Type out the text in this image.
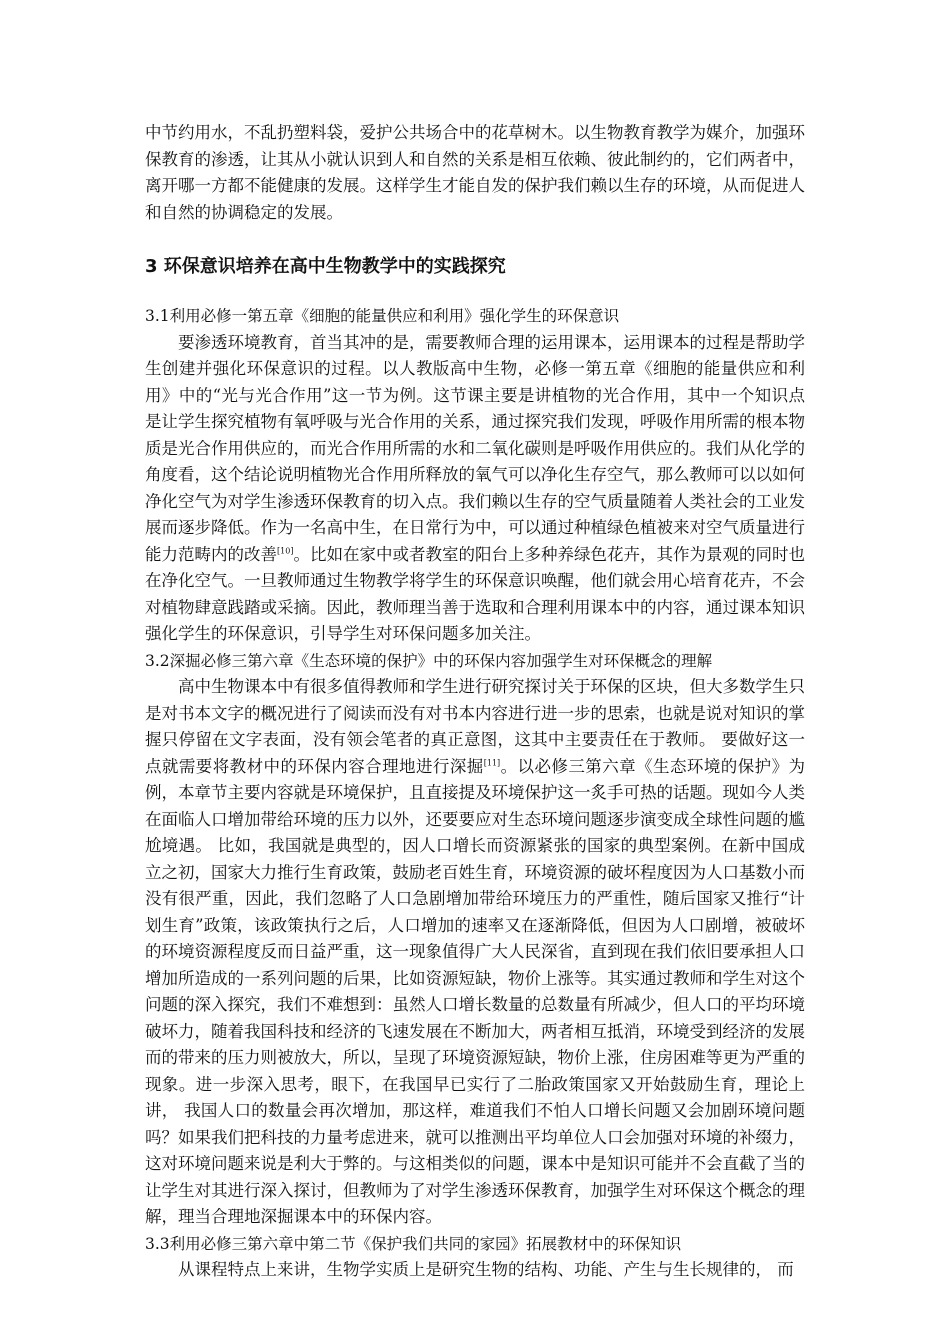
中节约用水，不乱扔塑料袋，爱护公共场合中的花草树木。以生物教育教学为媒介，加强环保教育的渗透，让其从小就认识到人和自然的关系是相互依赖、彼此制约的，它们两者中，离开哪一方都不能健康的发展。这样学生才能自发的保护我们赖以生存的环境，从而促进人和自然的协调稳定的发展。

3 环保意识培养在高中生物教学中的实践探究
3.1利用必修一第五章《细胞的能量供应和利用》强化学生的环保意识

要渗透环境教育，首当其冲的是，需要教师合理的运用课本，运用课本的过程是帮助学生创建并强化环保意识的过程。以人教版高中生物，必修一第五章《细胞的能量供应和利用》中的“光与光合作用”这一节为例。这节课主要是讲植物的光合作用，其中一个知识点是让学生探究植物有氧呼吸与光合作用的关系，通过探究我们发现，呼吸作用所需的根本物质是光合作用供应的，而光合作用所需的水和二氧化碳则是呼吸作用供应的。我们从化学的角度看，这个结论说明植物光合作用所释放的氧气可以净化生存空气，那么教师可以以如何净化空气为对学生渗透环保教育的切入点。我们赖以生存的空气质量随着人类社会的工业发展而逐步降低。作为一名高中生，在日常行为中，可以通过种植绿色植被来对空气质量进行能力范畴内的改善[10]。比如在家中或者教室的阳台上多种养绿色花卉，其作为景观的同时也在净化空气。一旦教师通过生物教学将学生的环保意识唤醒，他们就会用心培育花卉，不会对植物肆意践踏或采摘。因此，教师理当善于选取和合理利用课本中的内容，通过课本知识强化学生的环保意识，引导学生对环保问题多加关注。

3.2深掘必修三第六章《生态环境的保护》中的环保内容加强学生对环保概念的理解

高中生物课本中有很多值得教师和学生进行研究探讨关于环保的区块，但大多数学生只是对书本文字的概况进行了阅读而没有对书本内容进行进一步的思索，也就是说对知识的掌握只停留在文字表面，没有领会笔者的真正意图，这其中主要责任在于教师。 要做好这一点就需要将教材中的环保内容合理地进行深掘[11]。以必修三第六章《生态环境的保护》为例，本章节主要内容就是环境保护，且直接提及环境保护这一炙手可热的话题。现如今人类在面临人口增加带给环境的压力以外，还要要应对生态环境问题逐步演变成全球性问题的尴尬境遇。 比如，我国就是典型的，因人口增长而资源紧张的国家的典型案例。在新中国成立之初，国家大力推行生育政策，鼓励老百姓生育，环境资源的破坏程度因为人口基数小而没有很严重，因此，我们忽略了人口急剧增加带给环境压力的严重性，随后国家又推行“计划生育”政策，该政策执行之后，人口增加的速率又在逐渐降低，但因为人口剧增，被破坏的环境资源程度反而日益严重，这一现象值得广大人民深省，直到现在我们依旧要承担人口增加所造成的一系列问题的后果，比如资源短缺，物价上涨等。其实通过教师和学生对这个问题的深入探究，我们不难想到：虽然人口增长数量的总数量有所减少，但人口的平均环境破坏力，随着我国科技和经济的飞速发展在不断加大，两者相互抵消，环境受到经济的发展而的带来的压力则被放大，所以，呈现了环境资源短缺，物价上涨，住房困难等更为严重的现象。进一步深入思考，眼下，在我国早已实行了二胎政策国家又开始鼓励生育，理论上讲， 我国人口的数量会再次增加，那这样，难道我们不怕人口增长问题又会加剧环境问题吗？如果我们把科技的力量考虑进来，就可以推测出平均单位人口会加强对环境的补缀力，这对环境问题来说是利大于弊的。与这相类似的问题，课本中是知识可能并不会直截了当的让学生对其进行深入探讨，但教师为了对学生渗透环保教育，加强学生对环保这个概念的理解，理当合理地深掘课本中的环保内容。

3.3利用必修三第六章中第二节《保护我们共同的家园》拓展教材中的环保知识

从课程特点上来讲，生物学实质上是研究生物的结构、功能、产生与生长规律的， 而
